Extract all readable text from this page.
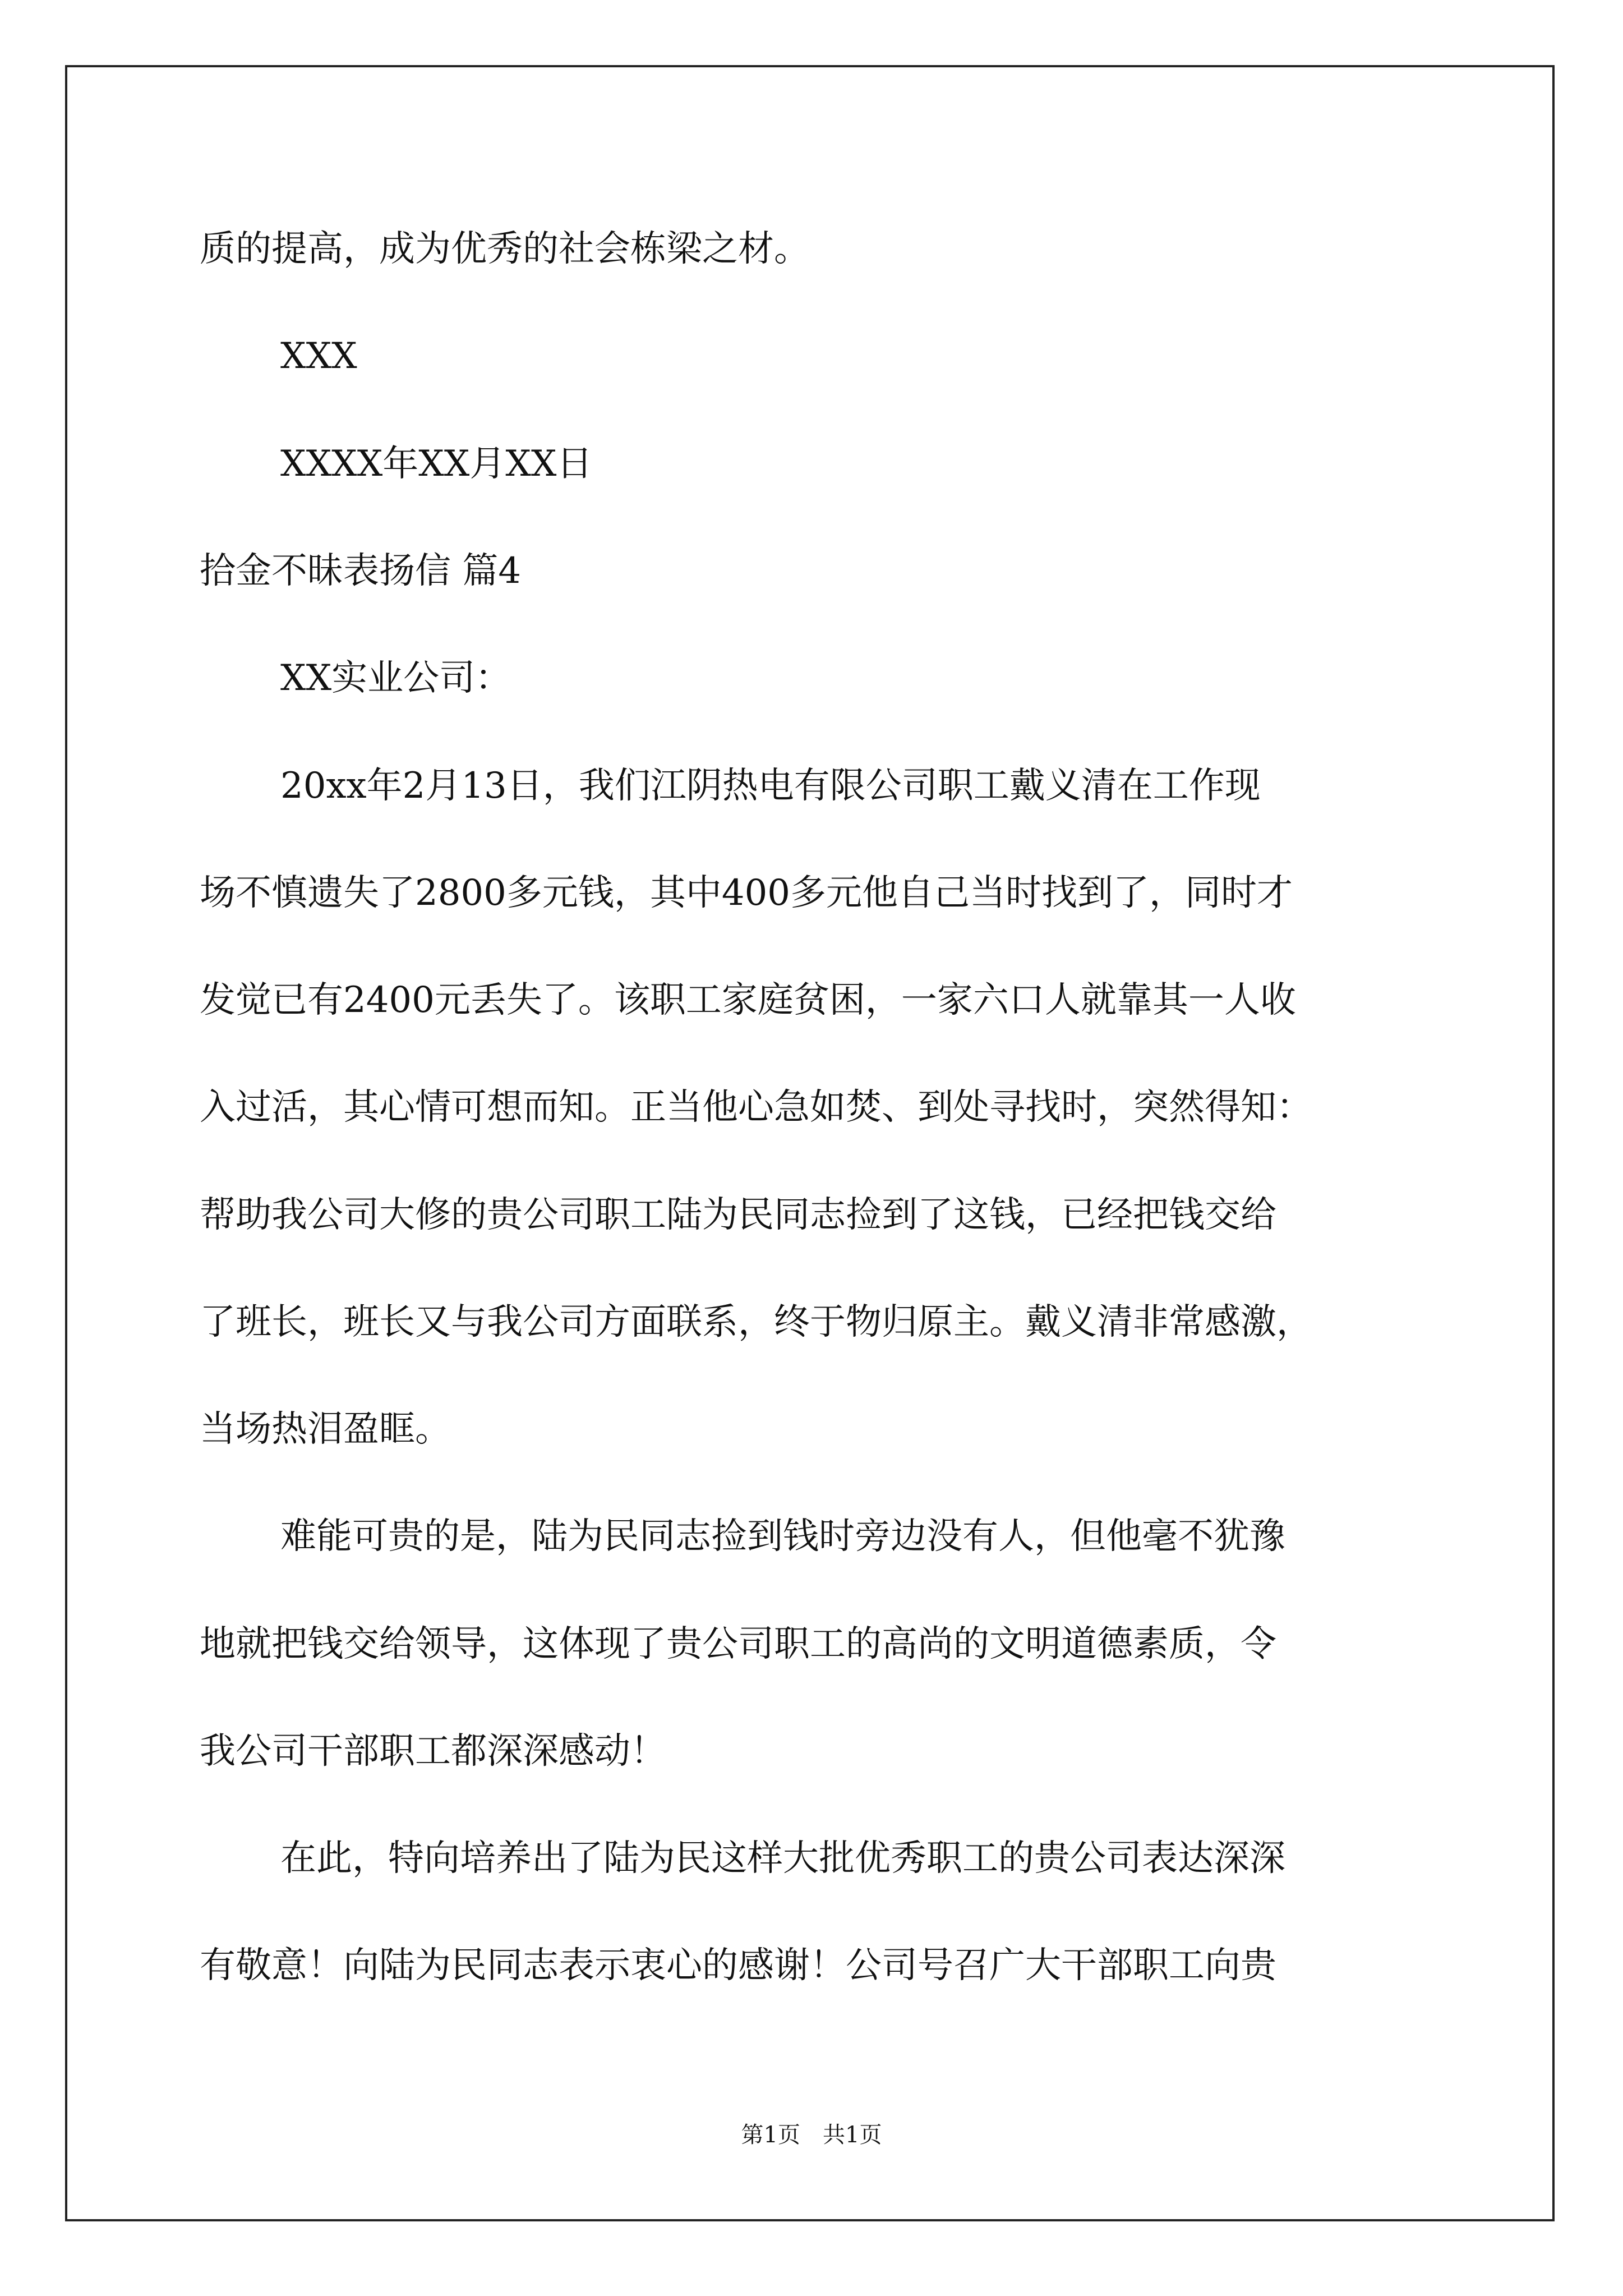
质的提高，成为优秀的社会栋梁之材。
XXX
XXXX年XX月XX日
拾金不昧表扬信 篇4
XX实业公司：
20xx年2月13日，我们江阴热电有限公司职工戴义清在工作现
场不慎遗失了2800多元钱，其中400多元他自己当时找到了，同时才
发觉已有2400元丢失了。该职工家庭贫困，一家六口人就靠其一人收
入过活，其心情可想而知。正当他心急如焚、到处寻找时，突然得知：
帮助我公司大修的贵公司职工陆为民同志捡到了这钱，已经把钱交给
了班长，班长又与我公司方面联系，终于物归原主。戴义清非常感激，
当场热泪盈眶。
难能可贵的是，陆为民同志捡到钱时旁边没有人，但他毫不犹豫
地就把钱交给领导，这体现了贵公司职工的高尚的文明道德素质，令
我公司干部职工都深深感动！
在此，特向培养出了陆为民这样大批优秀职工的贵公司表达深深
有敬意！向陆为民同志表示衷心的感谢！公司号召广大干部职工向贵
第1页　共1页
